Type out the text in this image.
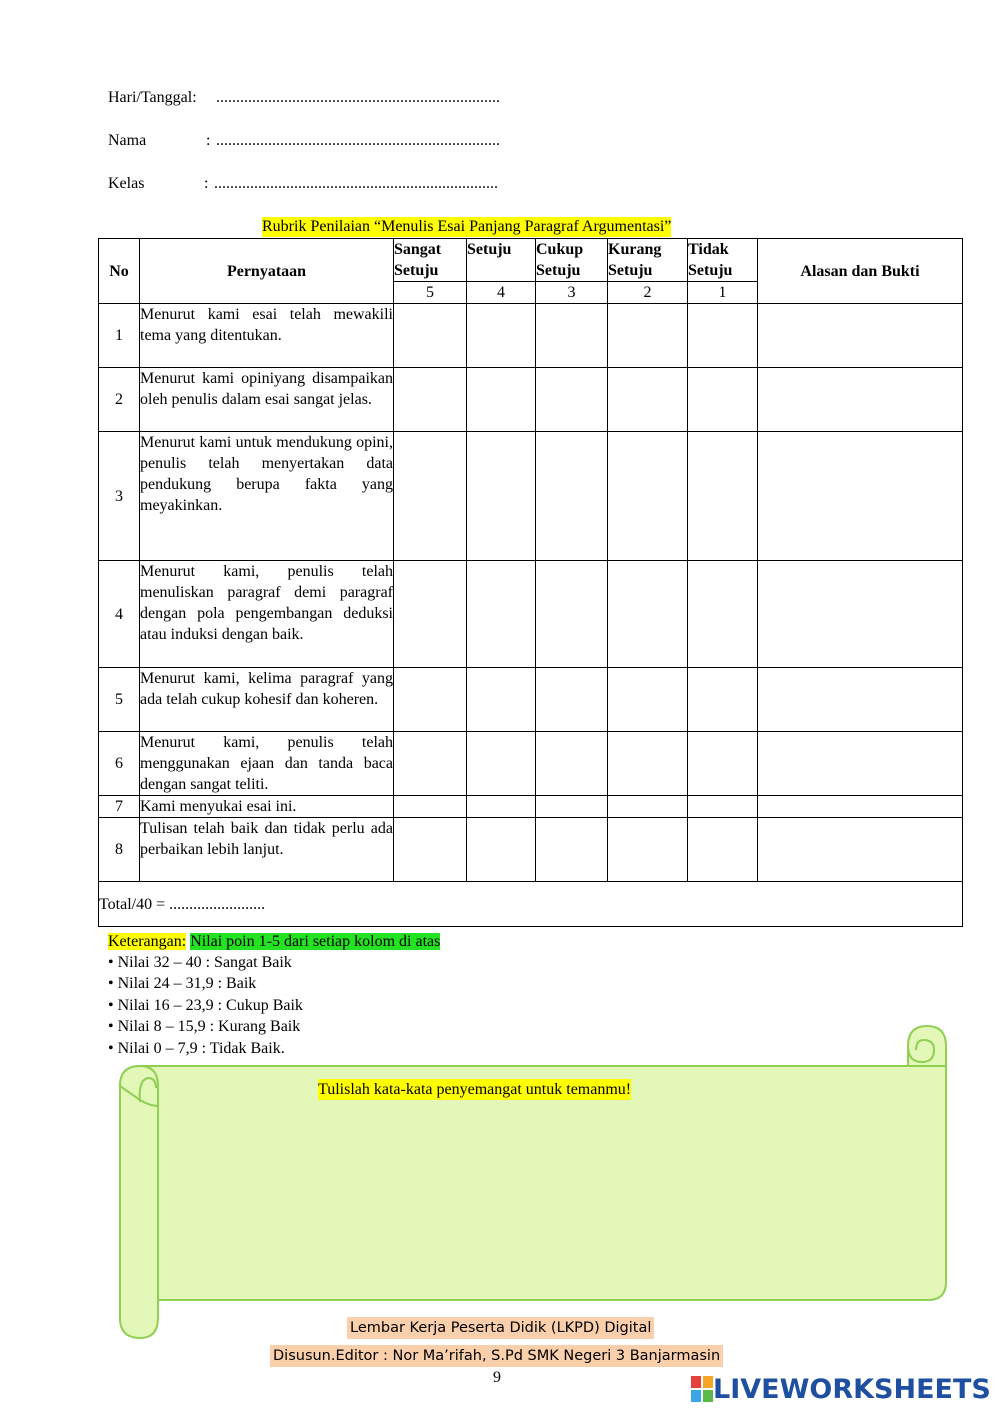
Hari/Tanggal: .......................................................................
Nama	: .......................................................................
Kelas	: .......................................................................
Rubrik Penilaian “Menulis Esai Panjang Paragraf Argumentasi”
No	Pernyataan	Sangat Setuju	Setuju	Cukup Setuju	Kurang Setuju	Tidak Setuju	Alasan dan Bukti
		5	4	3	2	1	
1	Menurut kami esai telah mewakili tema yang ditentukan.						
2	Menurut kami opiniyang disampaikan oleh penulis dalam esai sangat jelas.						
3	Menurut kami untuk mendukung opini, penulis telah menyertakan data pendukung berupa fakta yang meyakinkan.						
4	Menurut kami, penulis telah menuliskan paragraf demi paragraf dengan pola pengembangan deduksi atau induksi dengan baik.						
5	Menurut kami, kelima paragraf yang ada telah cukup kohesif dan koheren.						
6	Menurut kami, penulis telah menggunakan ejaan dan tanda baca dengan sangat teliti.						
7	Kami menyukai esai ini.						
8	Tulisan telah baik dan tidak perlu ada perbaikan lebih lanjut.						
Total/40 = ........................							
Keterangan: Nilai poin 1-5 dari setiap kolom di atas
• Nilai 32 – 40 : Sangat Baik
• Nilai 24 – 31,9 : Baik
• Nilai 16 – 23,9 : Cukup Baik
• Nilai 8 – 15,9 : Kurang Baik
• Nilai 0 – 7,9 : Tidak Baik.
Tulislah kata-kata penyemangat untuk temanmu!
Lembar Kerja Peserta Didik (LKPD) Digital
Disusun.Editor : Nor Ma’rifah, S.Pd SMK Negeri 3 Banjarmasin
9	LIVEWORKSHEETS
